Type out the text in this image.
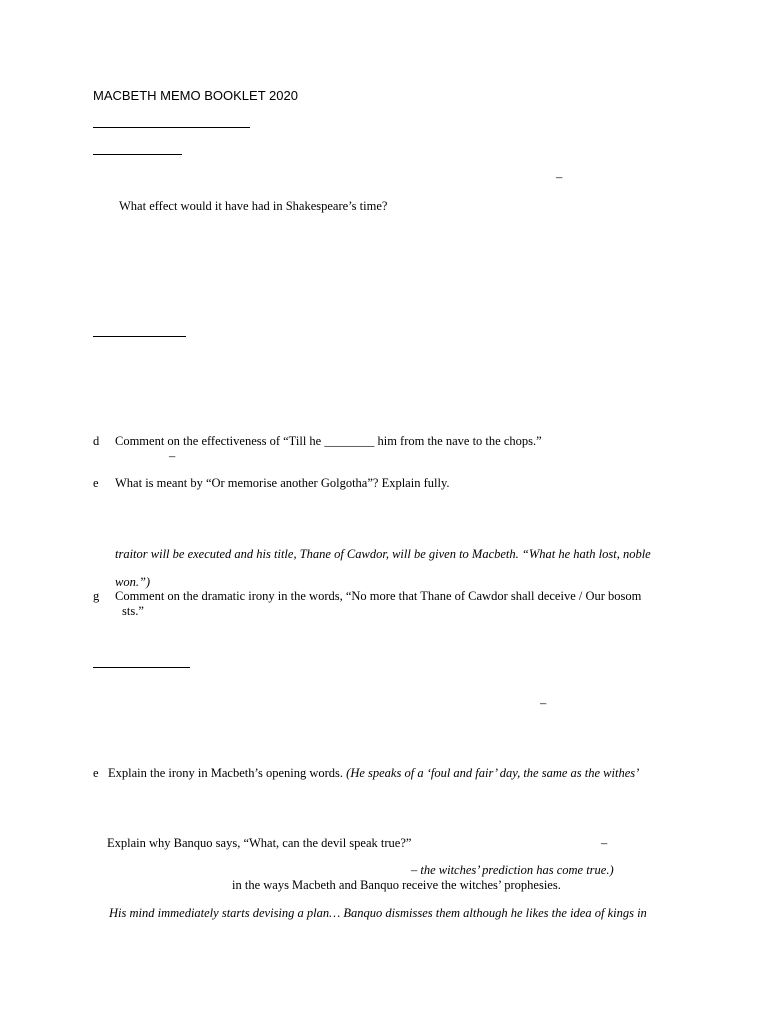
MACBETH MEMO BOOKLET 2020
–
What effect would it have had in Shakespeare’s time?
d Comment on the effectiveness of “Till he ________ him from the nave to the chops.”
–
e What is meant by “Or memorise another Golgotha”? Explain fully.
traitor will be executed and his title, Thane of Cawdor, will be given to Macbeth. “What he hath lost, noble
won.”)
g Comment on the dramatic irony in the words, “No more that Thane of Cawdor shall deceive / Our bosom
sts.”
–
e Explain the irony in Macbeth’s opening words. (He speaks of a ‘foul and fair’ day, the same as the withes’
Explain why Banquo says, “What, can the devil speak true?”	–
– the witches’ prediction has come true.)
in the ways Macbeth and Banquo receive the witches’ prophesies.
His mind immediately starts devising a plan… Banquo dismisses them although he likes the idea of kings in
